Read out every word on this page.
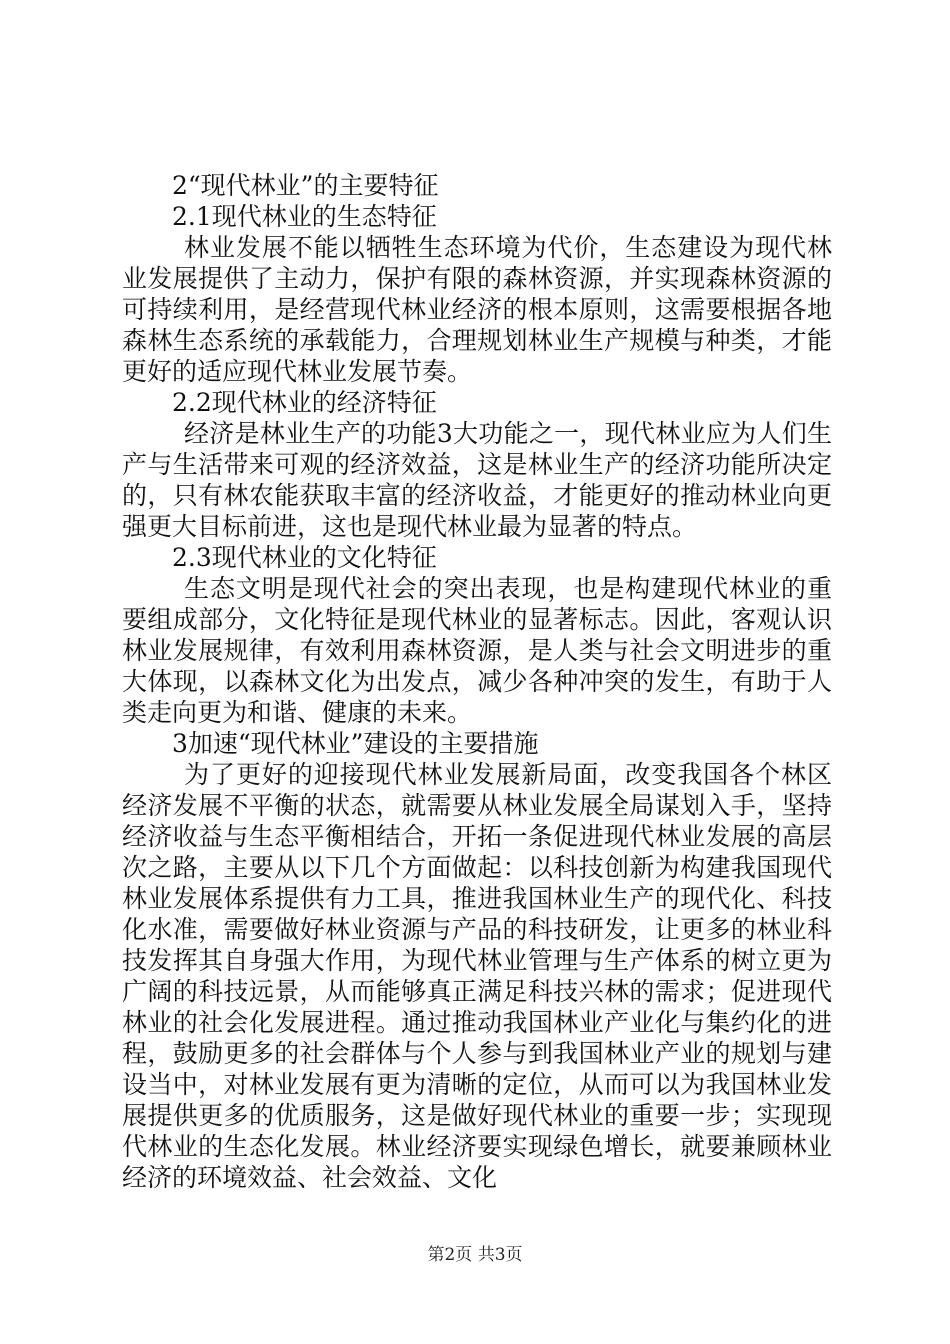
2“现代林业”的主要特征
2.1现代林业的生态特征

林业发展不能以牺牲生态环境为代价，生态建设为现代林业发展提供了主动力，保护有限的森林资源，并实现森林资源的可持续利用，是经营现代林业经济的根本原则，这需要根据各地森林生态系统的承载能力，合理规划林业生产规模与种类，才能更好的适应现代林业发展节奏。

2.2现代林业的经济特征

经济是林业生产的功能3大功能之一，现代林业应为人们生产与生活带来可观的经济效益，这是林业生产的经济功能所决定的，只有林农能获取丰富的经济收益，才能更好的推动林业向更强更大目标前进，这也是现代林业最为显著的特点。

2.3现代林业的文化特征

生态文明是现代社会的突出表现，也是构建现代林业的重要组成部分，文化特征是现代林业的显著标志。因此，客观认识林业发展规律，有效利用森林资源，是人类与社会文明进步的重大体现，以森林文化为出发点，减少各种冲突的发生，有助于人类走向更为和谐、健康的未来。

3加速“现代林业”建设的主要措施

为了更好的迎接现代林业发展新局面，改变我国各个林区经济发展不平衡的状态，就需要从林业发展全局谋划入手，坚持经济收益与生态平衡相结合，开拓一条促进现代林业发展的高层次之路，主要从以下几个方面做起：以科技创新为构建我国现代林业发展体系提供有力工具，推进我国林业生产的现代化、科技化水准，需要做好林业资源与产品的科技研发，让更多的林业科技发挥其自身强大作用，为现代林业管理与生产体系的树立更为广阔的科技远景，从而能够真正满足科技兴林的需求；促进现代林业的社会化发展进程。通过推动我国林业产业化与集约化的进程，鼓励更多的社会群体与个人参与到我国林业产业的规划与建设当中，对林业发展有更为清晰的定位，从而可以为我国林业发展提供更多的优质服务，这是做好现代林业的重要一步；实现现代林业的生态化发展。林业经济要实现绿色增长，就要兼顾林业经济的环境效益、社会效益、文化

第2页 共3页
